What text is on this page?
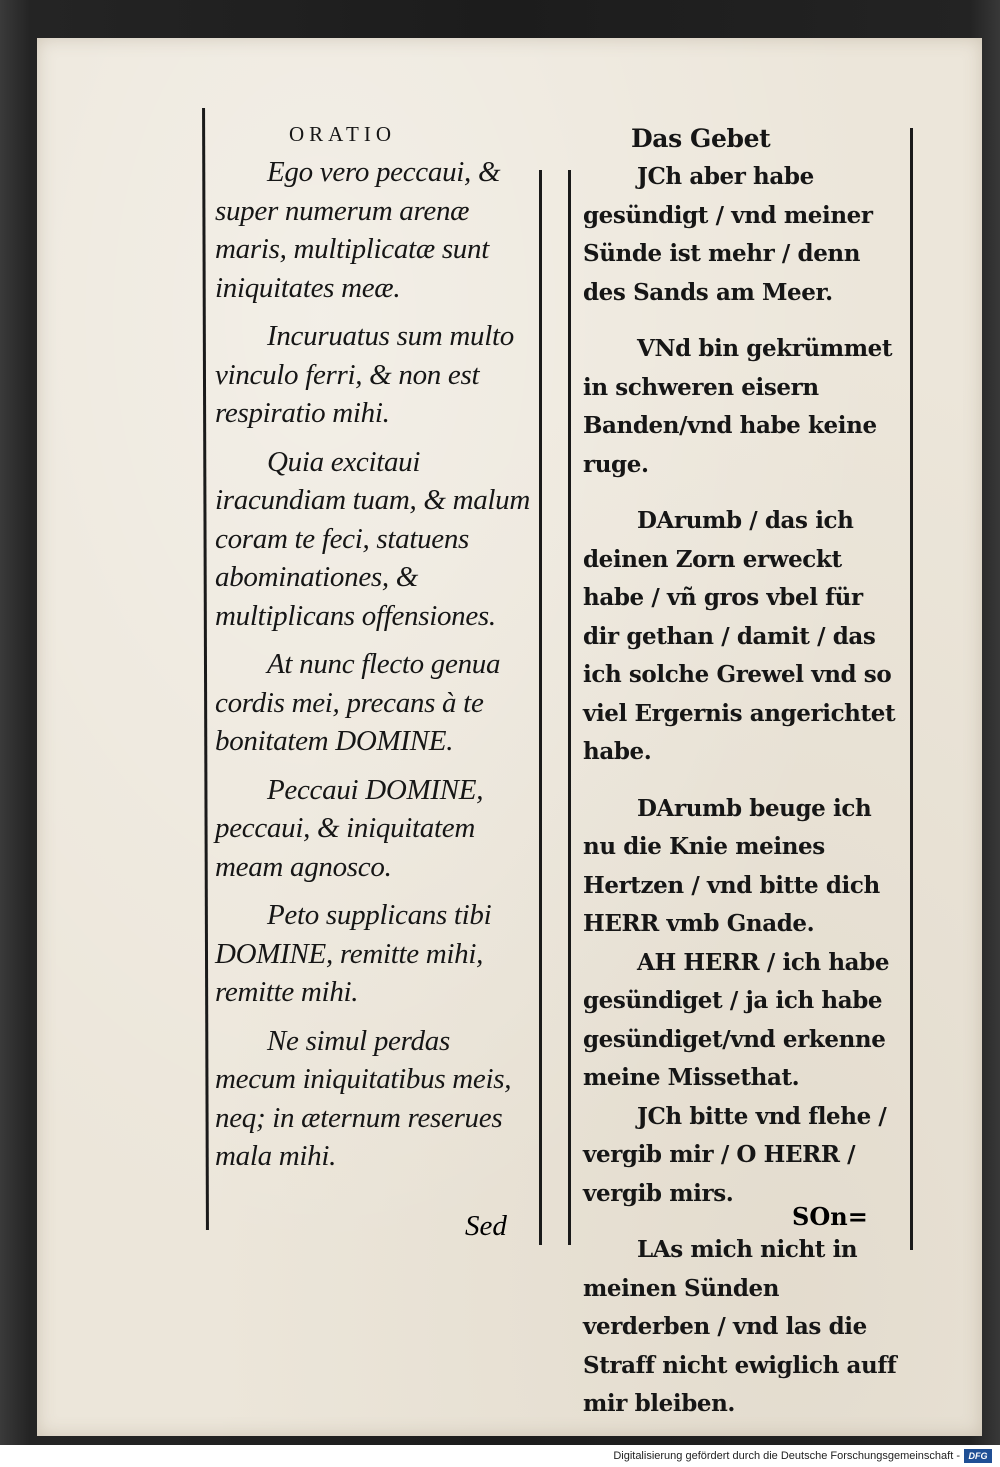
ORATIO

Ego vero peccaui, & super numerum arenæ maris, multiplicatæ sunt iniquitates meæ.

Incuruatus sum multo vinculo ferri, & non est respiratio mihi.

Quia excitaui iracundiam tuam, & malum coram te feci, statuens abominationes, & multiplicans offensiones.

At nunc flecto genua cordis mei, precans à te bonitatem DOMINE.

Peccaui DOMINE, peccaui, & iniquitatem meam agnosco.

Peto supplicans tibi DOMINE, remitte mihi, remitte mihi.

Ne simul perdas mecum iniquitatibus meis, neq; in æternum reserues mala mihi.

Sed
Das Gebet

JCh aber habe gesündigt / vnd meiner Sünde ist mehr / denn des Sands am Meer.

VNd bin gekrümmet in schweren eisern Banden/vnd habe keine ruge.

DArumb / das ich deinen Zorn erweckt habe / vñ gros vbel für dir gethan / damit / das ich solche Grewel vnd so viel Ergernis angerichtet habe.

DArumb beuge ich nu die Knie meines Hertzen / vnd bitte dich HERR vmb Gnade.

AH HERR / ich habe gesündiget / ja ich habe gesündiget/vnd erkenne meine Missethat.

JCh bitte vnd flehe / vergib mir / O HERR / vergib mirs.

LAs mich nicht in meinen Sünden verderben / vnd las die Straff nicht ewiglich auff mir bleiben.

SOn=
Digitalisierung gefördert durch die Deutsche Forschungsgemeinschaft - DFG
